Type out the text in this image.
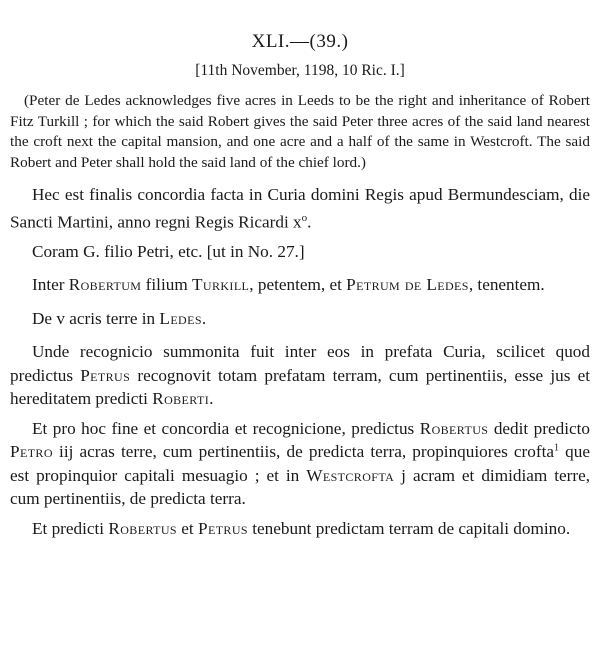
XLI.—(39.)
[11th November, 1198, 10 Ric. I.]
(Peter de Ledes acknowledges five acres in Leeds to be the right and inheritance of Robert Fitz Turkill ; for which the said Robert gives the said Peter three acres of the said land nearest the croft next the capital mansion, and one acre and a half of the same in Westcroft. The said Robert and Peter shall hold the said land of the chief lord.)

Hec est finalis concordia facta in Curia domini Regis apud Bermundesciam, die Sancti Martini, anno regni Regis Ricardi $x^o$.

Coram G. filio Petri, etc. [ut in No. 27.]

Inter Robertum filium Turkill, petentem, et Petrum de Ledes, tenentem.

De v acris terre in Ledes.

Unde recognicio summonita fuit inter eos in prefata Curia, scilicet quod predictus Petrus recognovit totam prefatam terram, cum pertinentiis, esse jus et hereditatem predicti Roberti.

Et pro hoc fine et concordia et recognicione, predictus Robertus dedit predicto Petro iij acras terre, cum pertinentiis, de predicta terra, propinquiores crofta$^1$ que est propinquior capitali mesuagio ; et in Westcrofta j acram et dimidiam terre, cum pertinentiis, de predicta terra.

Et predicti Robertus et Petrus tenebunt predictam terram de capitali domino.
